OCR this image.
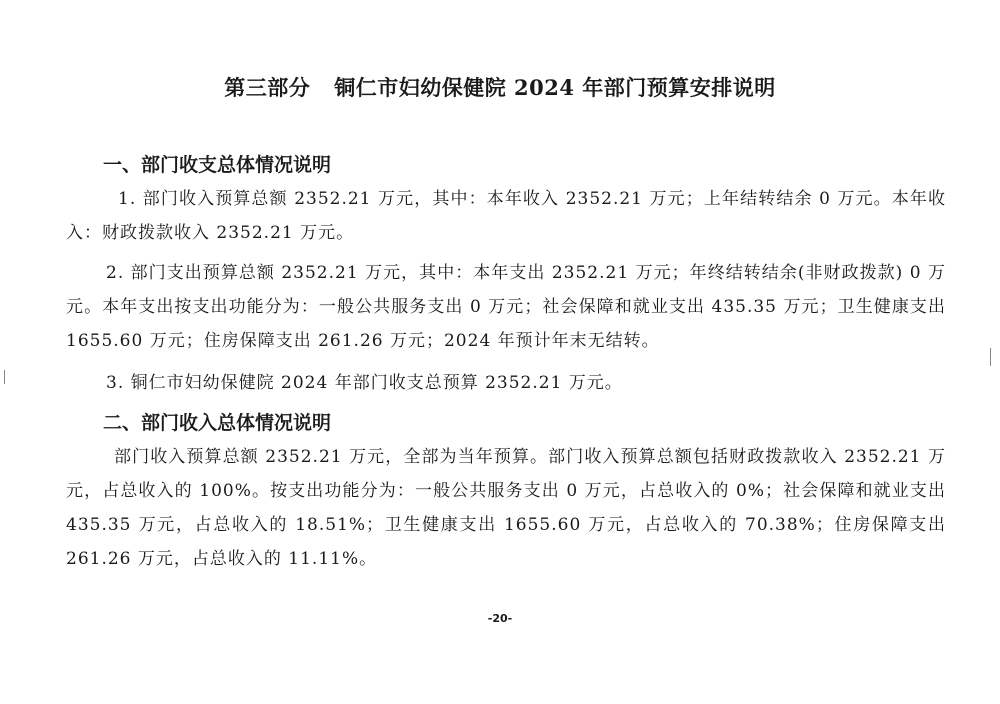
第三部分 铜仁市妇幼保健院 2024 年部门预算安排说明
一、部门收支总体情况说明
1. 部门收入预算总额 2352.21 万元，其中：本年收入 2352.21 万元；上年结转结余 0 万元。本年收入：财政拨款收入 2352.21 万元。
2. 部门支出预算总额 2352.21 万元，其中：本年支出 2352.21 万元；年终结转结余(非财政拨款) 0 万元。本年支出按支出功能分为：一般公共服务支出 0 万元；社会保障和就业支出 435.35 万元；卫生健康支出 1655.60 万元；住房保障支出 261.26 万元；2024 年预计年末无结转。
3. 铜仁市妇幼保健院 2024 年部门收支总预算 2352.21 万元。
二、部门收入总体情况说明
部门收入预算总额 2352.21 万元，全部为当年预算。部门收入预算总额包括财政拨款收入 2352.21 万元，占总收入的 100%。按支出功能分为：一般公共服务支出 0 万元，占总收入的 0%；社会保障和就业支出 435.35 万元，占总收入的 18.51%；卫生健康支出 1655.60 万元，占总收入的 70.38%；住房保障支出 261.26 万元，占总收入的 11.11%。
-20-
